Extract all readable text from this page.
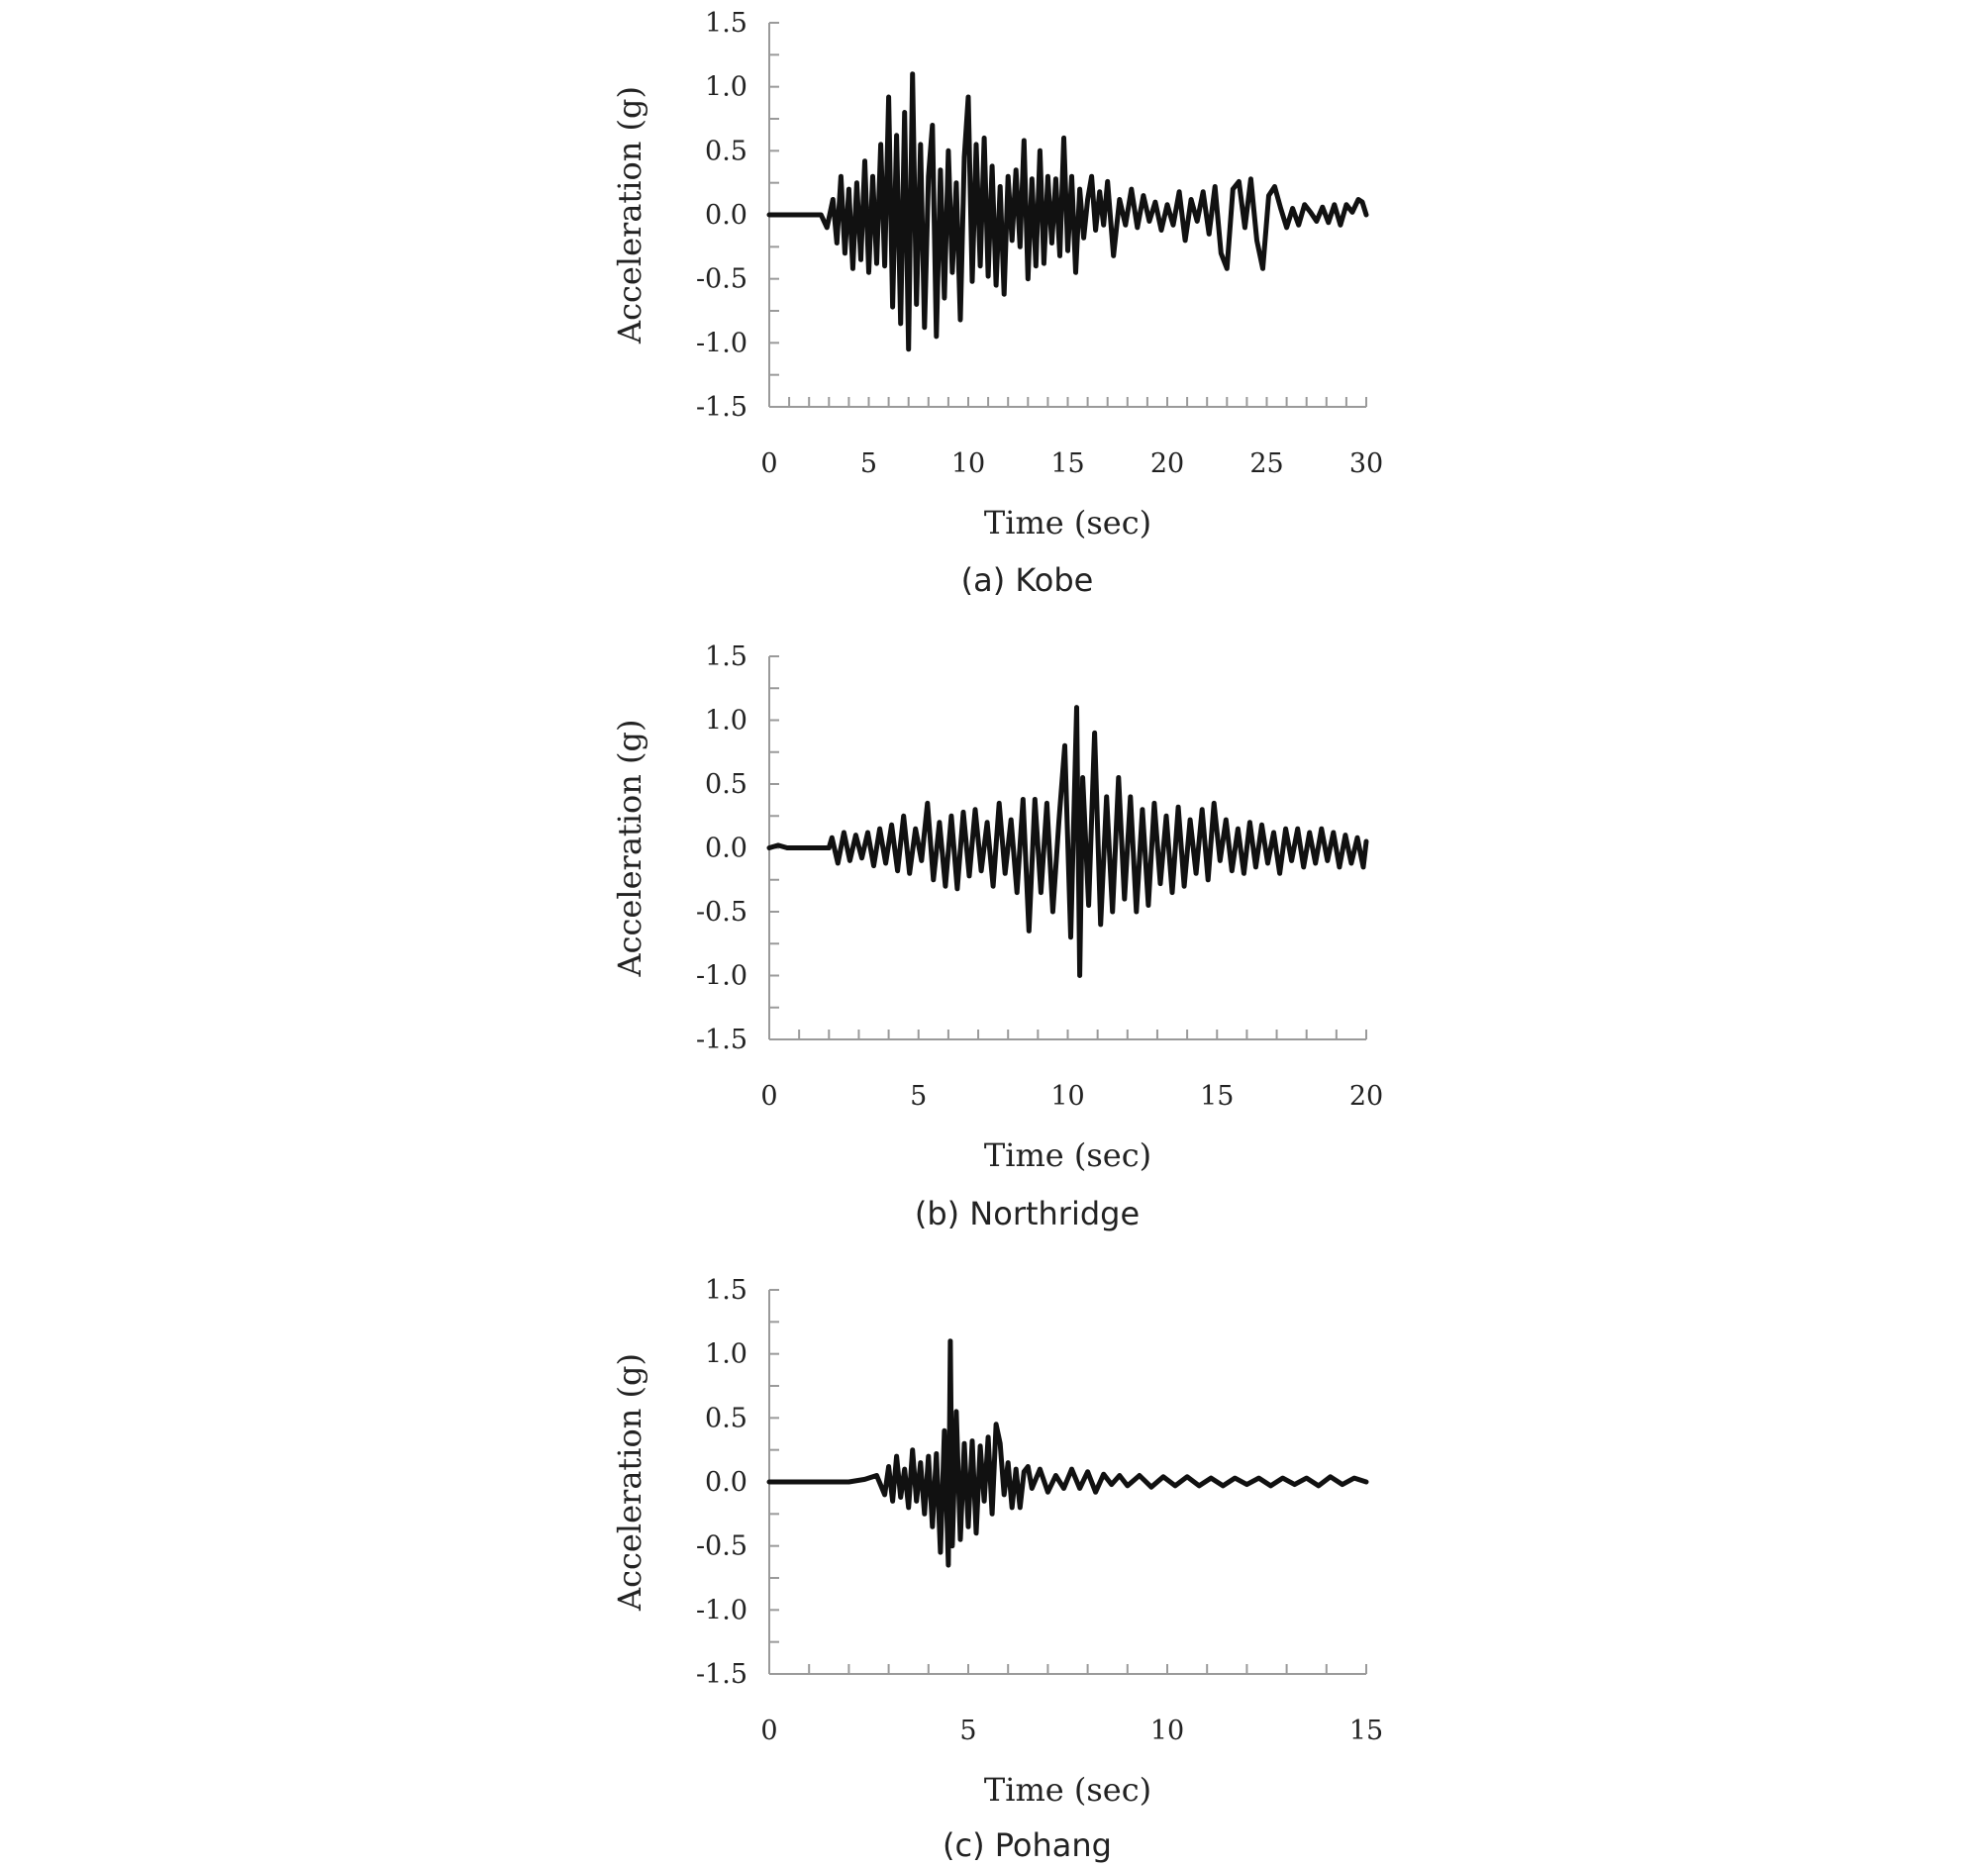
1.5
1.0
0.5
0.0
-0.5
-1.0
-1.5
0	5	10 15 20 25 30
Time (sec)
Acceleration (g)
(a) Kobe
1.5
1.0
0.5
0.0
-0.5
-1.0
-1.5
0	5	10	15	20
Time (sec)
Acceleration (g)
(b) Northridge
1.5
1.0
0.5
0.0
-0.5
-1.0
-1.5
0	5	10	15
Time (sec)
Acceleration (g)
(c) Pohang
